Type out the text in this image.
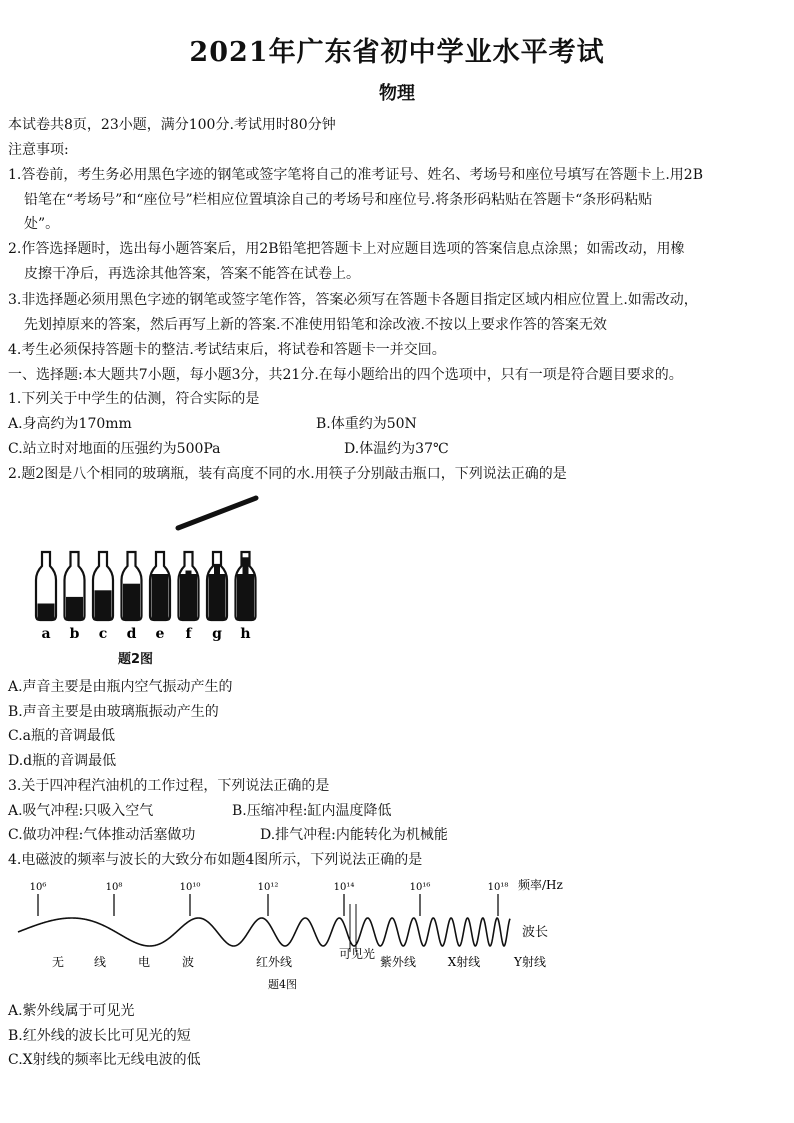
2021年广东省初中学业水平考试
物理
本试卷共8页，23小题，满分100分.考试用时80分钟
注意事项:
1.答卷前，考生务必用黑色字迹的钢笔或签字笔将自己的准考证号、姓名、考场号和座位号填写在答题卡上.用2B
铅笔在“考场号”和“座位号”栏相应位置填涂自己的考场号和座位号.将条形码粘贴在答题卡“条形码粘贴
处”。
2.作答选择题时，选出每小题答案后，用2B铅笔把答题卡上对应题目选项的答案信息点涂黑；如需改动，用橡
皮擦干净后，再选涂其他答案，答案不能答在试卷上。
3.非选择题必须用黑色字迹的钢笔或签字笔作答，答案必须写在答题卡各题目指定区域内相应位置上.如需改动，
先划掉原来的答案，然后再写上新的答案.不准使用铅笔和涂改液.不按以上要求作答的答案无效
4.考生必须保持答题卡的整洁.考试结束后，将试卷和答题卡一并交回。
一、选择题:本大题共7小题，每小题3分，共21分.在每小题给出的四个选项中，只有一项是符合题目要求的。
1.下列关于中学生的估测，符合实际的是
A.身高约为170mm	B.体重约为50N
C.站立时对地面的压强约为500Pa	D.体温约为37℃
2.题2图是八个相同的玻璃瓶，装有高度不同的水.用筷子分别敲击瓶口，下列说法正确的是
a b c d e f g h
题2图
A.声音主要是由瓶内空气振动产生的
B.声音主要是由玻璃瓶振动产生的
C.a瓶的音调最低
D.d瓶的音调最低
3.关于四冲程汽油机的工作过程，下列说法正确的是
A.吸气冲程:只吸入空气	B.压缩冲程:缸内温度降低
C.做功冲程:气体推动活塞做功	D.排气冲程:内能转化为机械能
4.电磁波的频率与波长的大致分布如题4图所示，下列说法正确的是
10⁶	10⁸	10¹⁰	10¹²	10¹⁴	10¹⁶	10¹⁸ 频率/Hz
波长
无 线	电	波	红外线
可见光
紫外线	X射线	Y射线
题4图
A.紫外线属于可见光
B.红外线的波长比可见光的短
C.X射线的频率比无线电波的低
